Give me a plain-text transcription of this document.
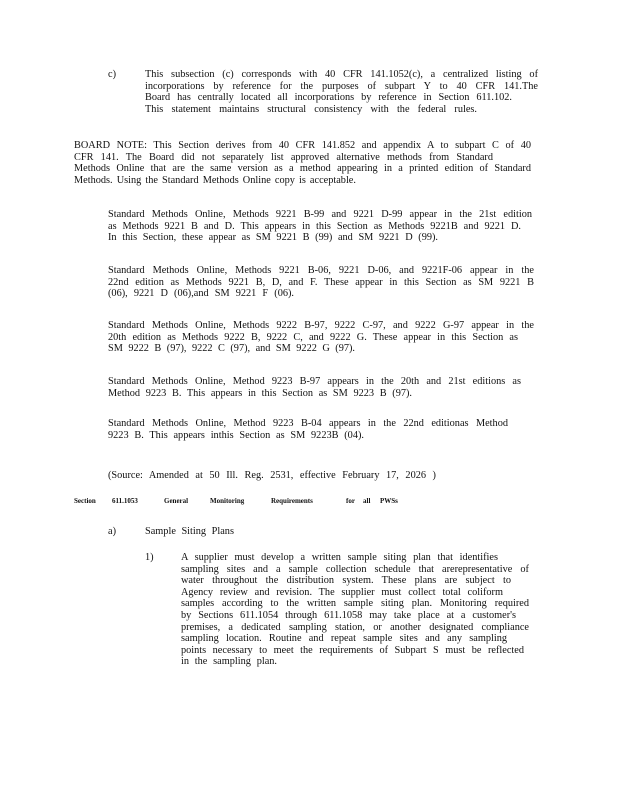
c)	This subsection (c) corresponds with 40 CFR 141.1052(c), a centralized listing of
incorporations by reference for the purposes of subpart Y to 40 CFR 141.The
Board has centrally located all incorporations by reference in Section 611.102.
This statement maintains structural consistency with the federal rules.
BOARD NOTE: This Section derives from 40 CFR 141.852 and appendix A to subpart C of 40
CFR 141. The Board did not separately list approved alternative methods from Standard
Methods Online that are the same version as a method appearing in a printed edition of Standard
Methods. Using the Standard Methods Online copy is acceptable.
Standard Methods Online, Methods 9221 B-99 and 9221 D-99 appear in the 21st edition
as Methods 9221 B and D. This appears in this Section as Methods 9221B and 9221 D.
In this Section, these appear as SM 9221 B (99) and SM 9221 D (99).
Standard Methods Online, Methods 9221 B-06, 9221 D-06, and 9221F-06 appear in the
22nd edition as Methods 9221 B, D, and F. These appear in this Section as SM 9221 B
(06), 9221 D (06),and SM 9221 F (06).
Standard Methods Online, Methods 9222 B-97, 9222 C-97, and 9222 G-97 appear in the
20th edition as Methods 9222 B, 9222 C, and 9222 G. These appear in this Section as
SM 9222 B (97), 9222 C (97), and SM 9222 G (97).
Standard Methods Online, Method 9223 B-97 appears in the 20th and 21st editions as
Method 9223 B. This appears in this Section as SM 9223 B (97).
Standard Methods Online, Method 9223 B-04 appears in the 22nd editionas Method
9223 B. This appears inthis Section as SM 9223B (04).
(Source: Amended at 50 Ill. Reg. 2531, effective February 17, 2026 )
Section 611.1053	General	Monitoring	Requirements	for all PWSs
a)	Sample Siting Plans
1)	A supplier must develop a written sample siting plan that identifies
sampling sites and a sample collection schedule that arerepresentative of
water throughout the distribution system. These plans are subject to
Agency review and revision. The supplier must collect total coliform
samples according to the written sample siting plan. Monitoring required
by Sections 611.1054 through 611.1058 may take place at a customer's
premises, a dedicated sampling station, or another designated compliance
sampling location. Routine and repeat sample sites and any sampling
points necessary to meet the requirements of Subpart S must be reflected
in the sampling plan.
